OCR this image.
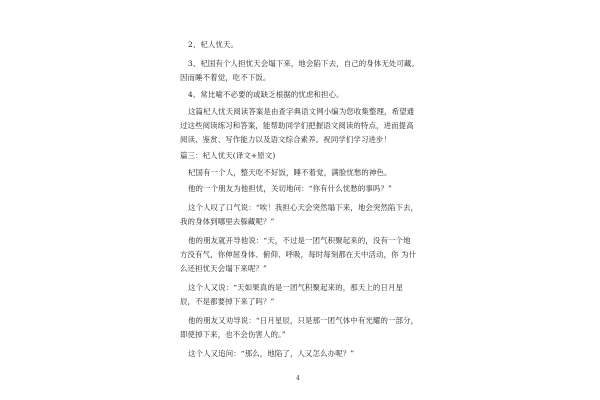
2、杞人忧天。
3、杞国有个人担忧天会塌下来，地会陷下去，自己的身体无处可藏。
因而睡不着觉，吃不下饭。
4、常比喻不必要的或缺乏根据的忧虑和担心。
这篇杞人忧天阅读答案是由查字典语文网小编为您收集整理，希望通
过这些阅读练习和答案，能帮助同学们把握语文阅读的特点，进而提高
阅读、鉴赏、写作能力以及语文综合素养。祝同学们学习进步！
篇三：杞人忧天(译文+原文)
杞国有一个人，整天吃不好饭，睡不着觉，满脸忧愁的神色。
他的一个朋友为他担忧，关切地问：“你有什么忧愁的事吗？”
这个人叹了口气说：“唉！我担心天会突然塌下来，地会突然陷下去，
我的身体到哪里去躲藏呢？”
他的朋友就开导他说：“天，不过是一团气积聚起来的，没有一个地
方没有气，你伸屈身体、俯仰、呼吸，每时每刻都在天中活动，你 为什
么还担忧天会塌下来呢？”
这个人又说：“天如果真的是一团气积聚起来的，那天上的日月星
辰，不是都要掉下来了吗？”
他的朋友又劝导说：“日月星辰，只是那一团气体中有光耀的一部分，
即使掉下来，也不会伤害人的。”
这个人又追问：“那么，地陷了，人又怎么办呢？”
4
